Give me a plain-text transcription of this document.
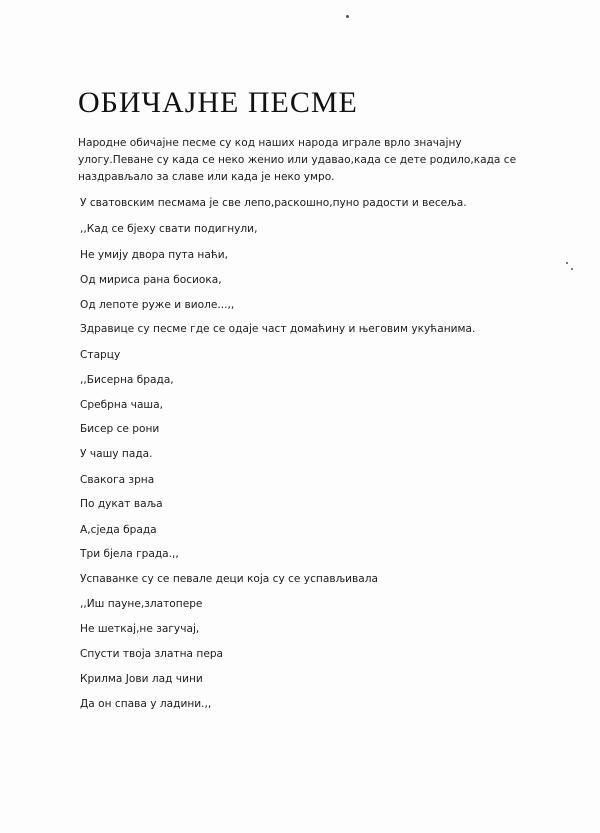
ОБИЧАЈНЕ ПЕСМЕ
Народне обичајне песме су код наших народа играле врло значајну улогу.Певане су када се неко женио или удавао,када се дете родило,када се наздрављало за славе или када је неко умро.
У сватовским песмама је све лепо,раскошно,пуно радости и весеља.
,,Кад се бјеху свати подигнули,
Не умију двора пута наћи,
Од мириса рана босиока,
Од лепоте руже и виоле...,,
Здравице су песме где се одаје част домаћину и његовим укућанима.
Старцу
,,Бисерна брада,
Сребрна чаша,
Бисер се рони
У чашу пада.
Свакога зрна
По дукат ваља
А,сједа брада
Три бјела града.,,
Успаванке су се певале деци која су се успављивала
,,Иш пауне,златопере
Не шеткај,не загучај,
Спусти твоја златна пера
Крилма Јови лад чини
Да он спава у ладини.,,
